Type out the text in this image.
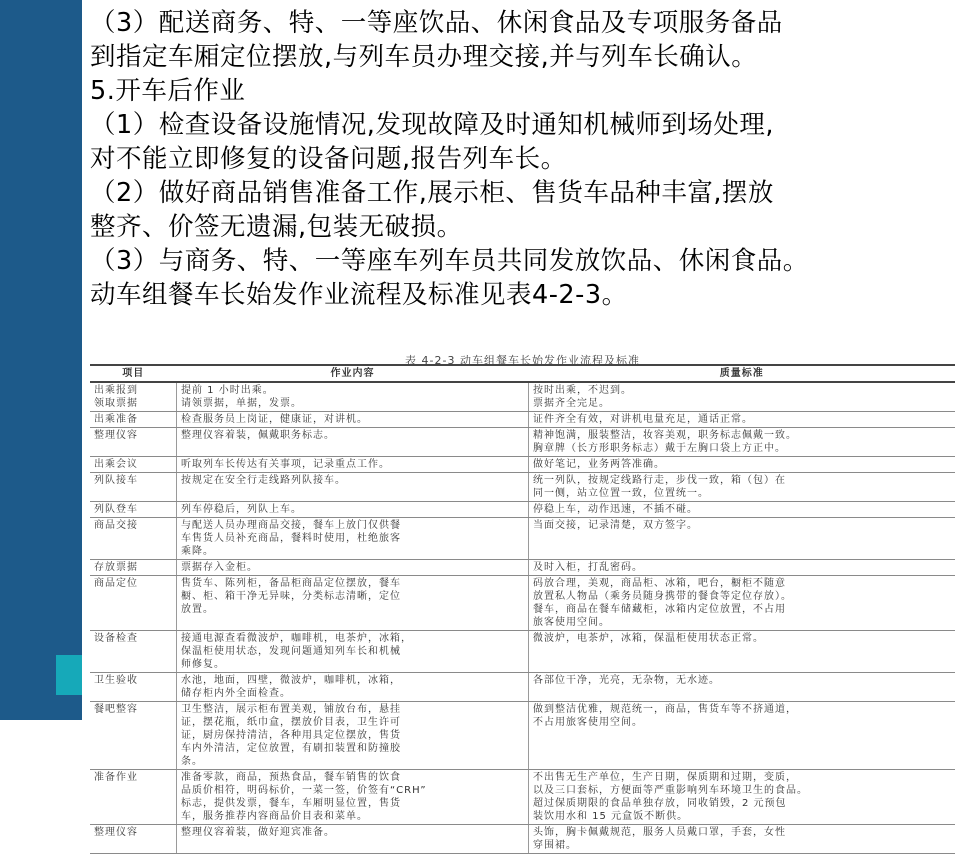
（3）配送商务、特、一等座饮品、休闲食品及专项服务备品
到指定车厢定位摆放,与列车员办理交接,并与列车长确认。
5.开车后作业
（1）检查设备设施情况,发现故障及时通知机械师到场处理,
对不能立即修复的设备问题,报告列车长。
（2）做好商品销售准备工作,展示柜、售货车品种丰富,摆放
整齐、价签无遗漏,包装无破损。
（3）与商务、特、一等座车列车员共同发放饮品、休闲食品。
动车组餐车长始发作业流程及标准见表4-2-3。
表 4-2-3 动车组餐车长始发作业流程及标准
项目	作业内容	质量标准

出乘报到
领取票据	提前 1 小时出乘。
请领票据，单据，发票。	按时出乘，不迟到。
票据齐全完足。

出乘准备	检查服务员上岗证，健康证，对讲机。	证件齐全有效，对讲机电量充足，通话正常。

整理仪容	整理仪容着装，佩戴职务标志。	精神饱满，服装整洁，妆容美观，职务标志佩戴一致。
胸章牌（长方形职务标志）戴于左胸口袋上方正中。

出乘会议	听取列车长传达有关事项，记录重点工作。	做好笔记，业务两答准确。

列队接车	按规定在安全行走线路列队接车。	统一列队，按规定线路行走，步伐一致，箱（包）在
同一侧，站立位置一致，位置统一。

列队登车	列车停稳后，列队上车。	停稳上车，动作迅速，不插不碰。

商品交接	与配送人员办理商品交接，餐车上放门仅供餐
车售货人员补充商品，餐料时使用，杜绝旅客
乘降。	当面交接，记录清楚，双方签字。

存放票据	票据存入金柜。	及时入柜，打乱密码。

商品定位	售货车、陈列柜，备品柜商品定位摆放，餐车
橱、柜、箱干净无异味，分类标志清晰，定位
放置。	码放合理，美观，商品柜、冰箱，吧台，橱柜不随意
放置私人物品（乘务员随身携带的餐食等定位存放）。
餐车，商品在餐车储藏柜，冰箱内定位放置，不占用
旅客使用空间。

设备检查	接通电源查看微波炉，咖啡机，电茶炉，冰箱，
保温柜使用状态，发现问题通知列车长和机械
师修复。	微波炉，电茶炉，冰箱，保温柜使用状态正常。

卫生验收	水池，地面，四壁，微波炉，咖啡机，冰箱，
储存柜内外全面检查。	各部位干净，光亮，无杂物，无水迹。

餐吧整容	卫生整洁，展示柜布置美观，铺放台布，悬挂
证，摆花瓶，纸巾盒，摆放价目表，卫生许可
证，厨房保持清洁，各种用具定位摆放，售货
车内外清洁，定位放置，有刷扣装置和防撞胶
条。	做到整洁优雅，规范统一，商品，售货车等不挤通道，
不占用旅客使用空间。

准备作业	准备零款，商品，预热食品，餐车销售的饮食
品质价相符，明码标价，一菜一签，价签有“CRH”
标志，提供发票，餐车，车厢明显位置，售货
车，服务推荐内容商品价目表和菜单。	不出售无生产单位，生产日期，保质期和过期，变质，
以及三口套标，方便面等严重影响列车环境卫生的食品。
超过保质期限的食品单独存放，同收销毁，2 元预包
装饮用水和 15 元盒饭不断供。

整理仪容	整理仪容着装，做好迎宾准备。	头饰，胸卡佩戴规范，服务人员戴口罩，手套，女性
穿围裙。
